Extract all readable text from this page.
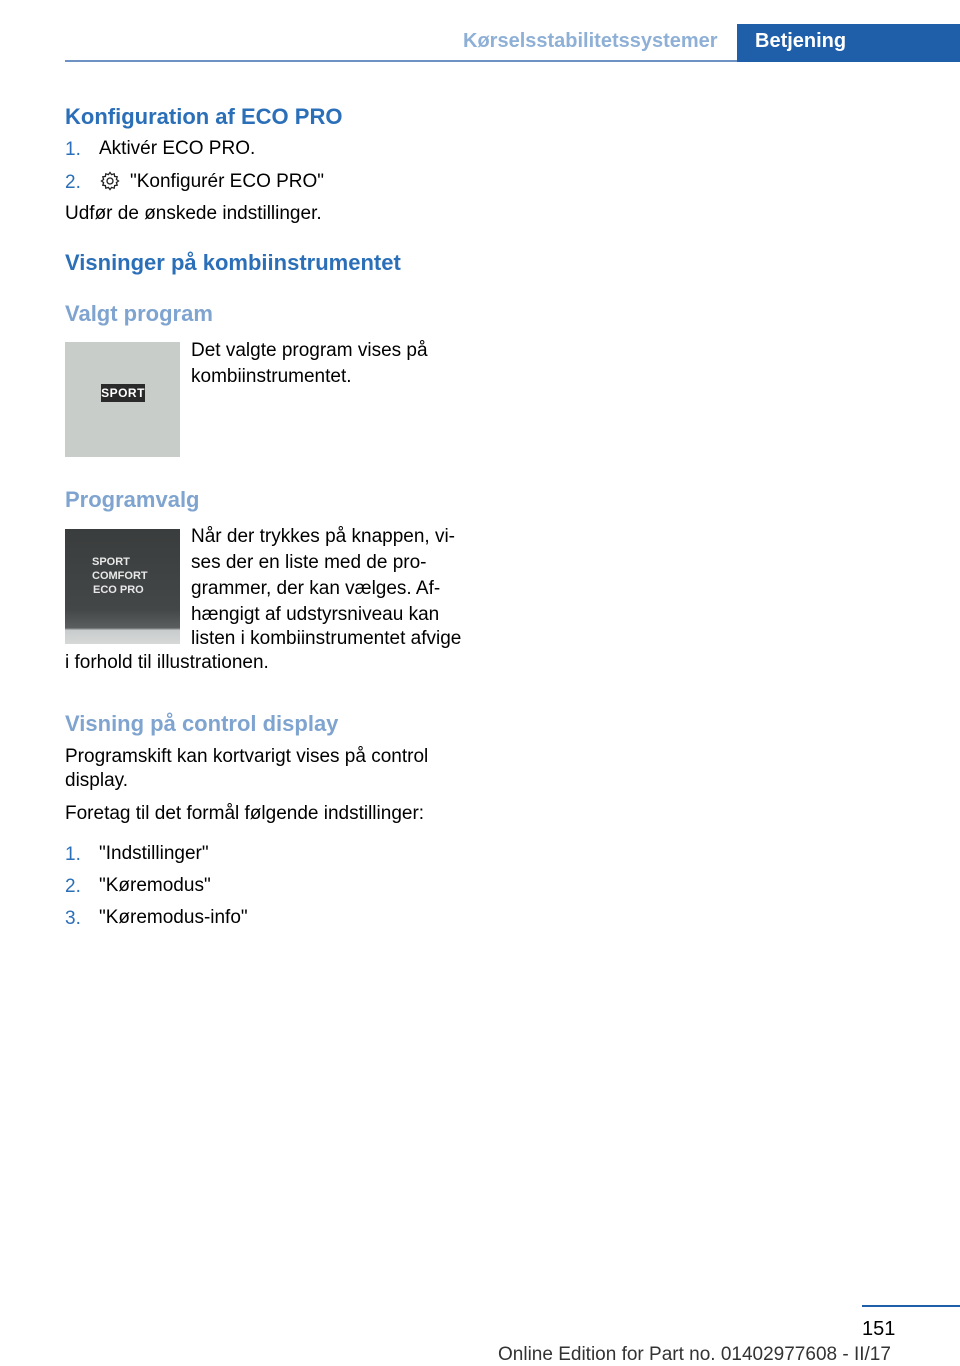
Kørselsstabilitetssystemer Betjening
Konfiguration af ECO PRO
1. Aktivér ECO PRO.
2.	"Konfigurér ECO PRO"
Udfør de ønskede indstillinger.
Visninger på kombiinstrumentet
Valgt program
SPORT
Det valgte program vises på
kombiinstrumentet.
Programvalg
SPORT
COMFORT
ECO PRO
Når der trykkes på knappen, vi-
ses der en liste med de pro-
grammer, der kan vælges. Af-
hængigt af udstyrsniveau kan
listen i kombiinstrumentet afvige
i forhold til illustrationen.
Visning på control display
Programskift kan kortvarigt vises på control
display.
Foretag til det formål følgende indstillinger:
1. "Indstillinger"
2. "Køremodus"
3. "Køremodus-info"
151
Online Edition for Part no. 01402977608 - II/17
